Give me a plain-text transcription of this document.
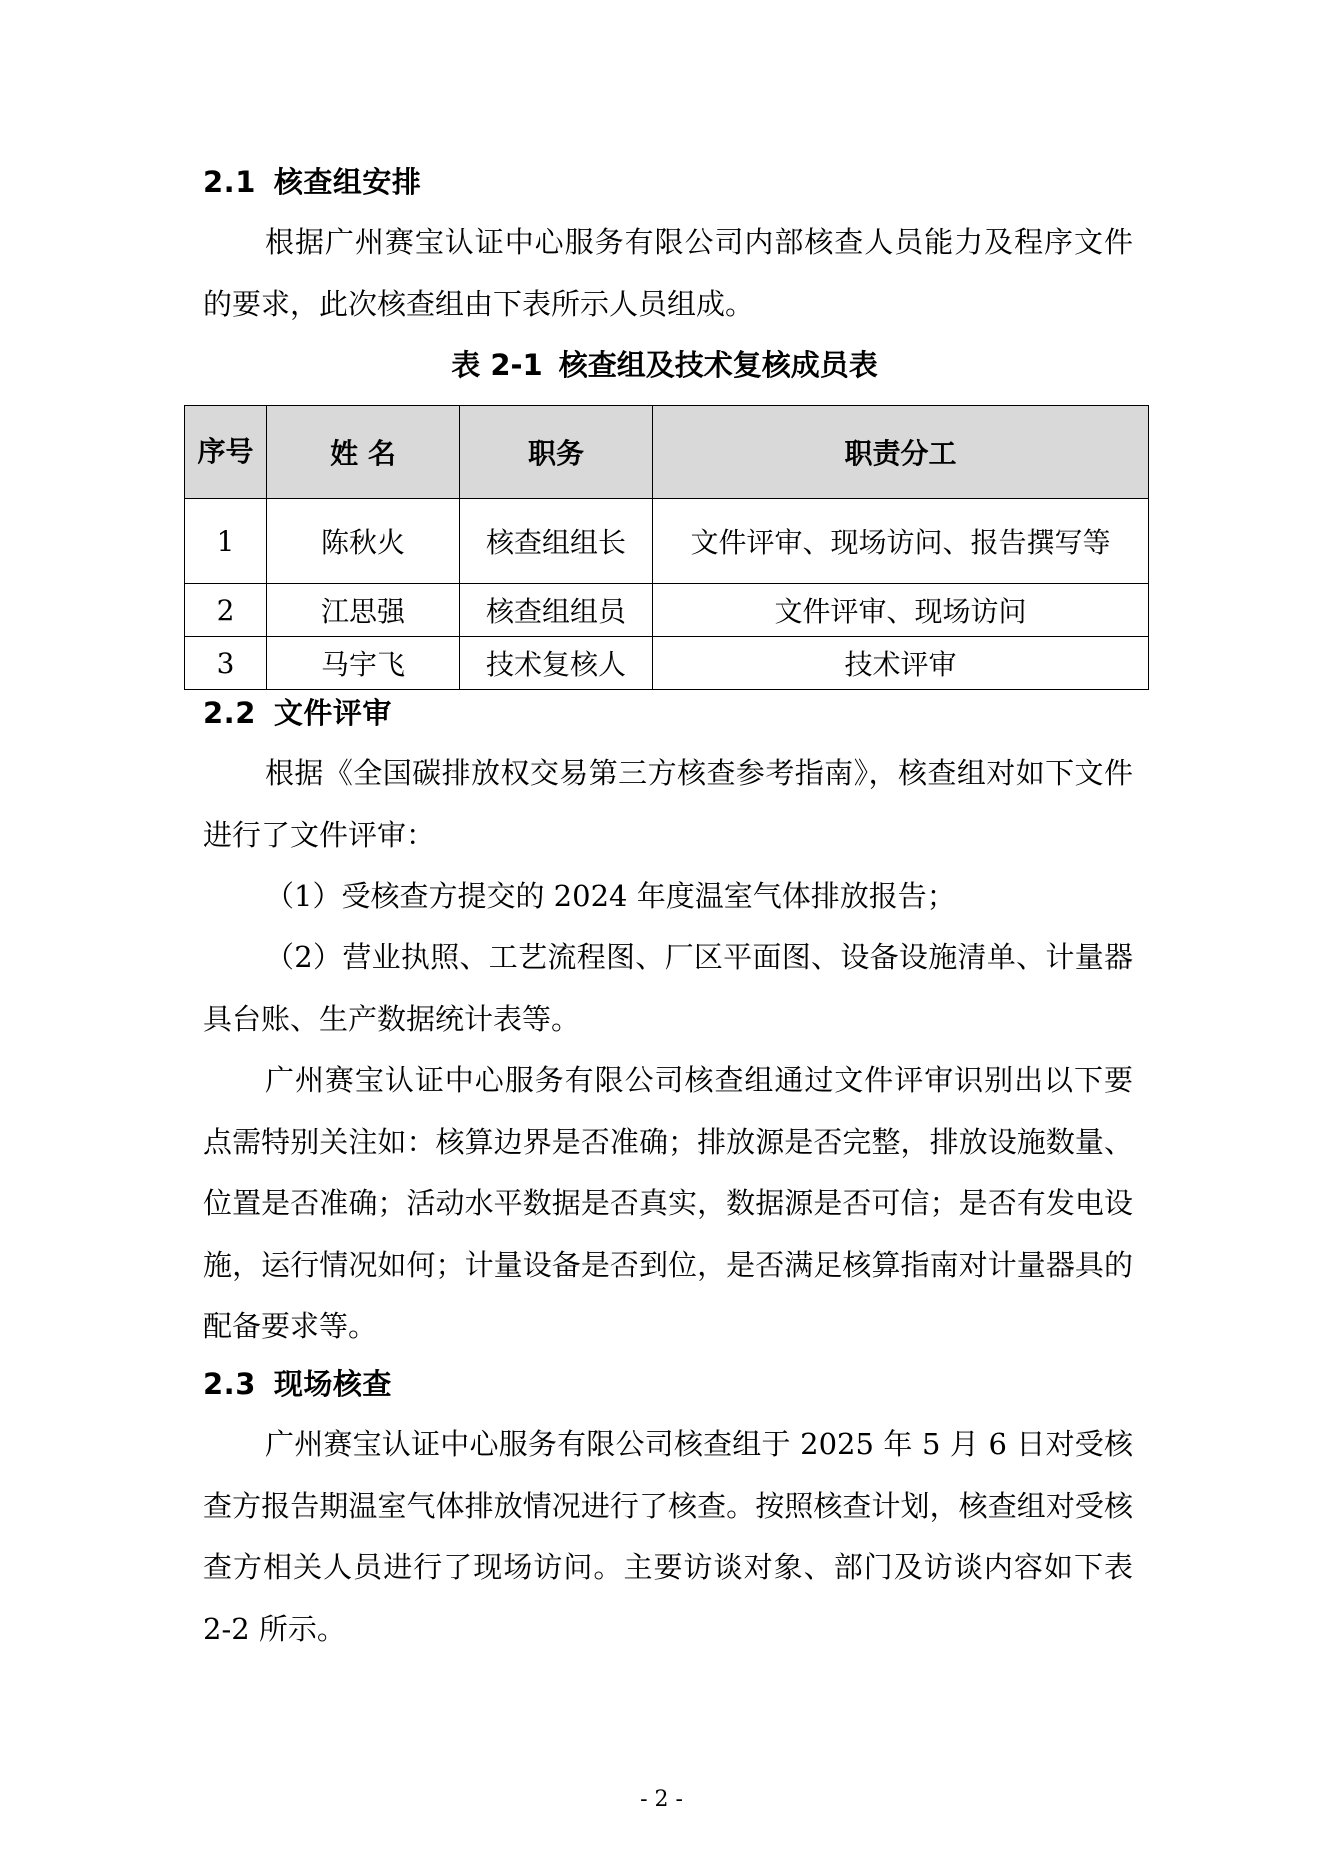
2.1 核查组安排

根据广州赛宝认证中心服务有限公司内部核查人员能力及程序文件的要求，此次核查组由下表所示人员组成。

表 2-1 核查组及技术复核成员表
序号	姓 名	职务	职责分工
1	陈秋火	核查组组长	文件评审、现场访问、报告撰写等
2	江思强	核查组组员	文件评审、现场访问
3	马宇飞	技术复核人	技术评审
2.2 文件评审

根据《全国碳排放权交易第三方核查参考指南》，核查组对如下文件进行了文件评审：

（1）受核查方提交的 2024 年度温室气体排放报告；

（2）营业执照、工艺流程图、厂区平面图、设备设施清单、计量器具台账、生产数据统计表等。

广州赛宝认证中心服务有限公司核查组通过文件评审识别出以下要点需特别关注如：核算边界是否准确；排放源是否完整，排放设施数量、位置是否准确；活动水平数据是否真实，数据源是否可信；是否有发电设施，运行情况如何；计量设备是否到位，是否满足核算指南对计量器具的配备要求等。

2.3 现场核查

广州赛宝认证中心服务有限公司核查组于 2025 年 5 月 6 日对受核查方报告期温室气体排放情况进行了核查。按照核查计划，核查组对受核查方相关人员进行了现场访问。主要访谈对象、部门及访谈内容如下表 2-2 所示。

- 2 -
